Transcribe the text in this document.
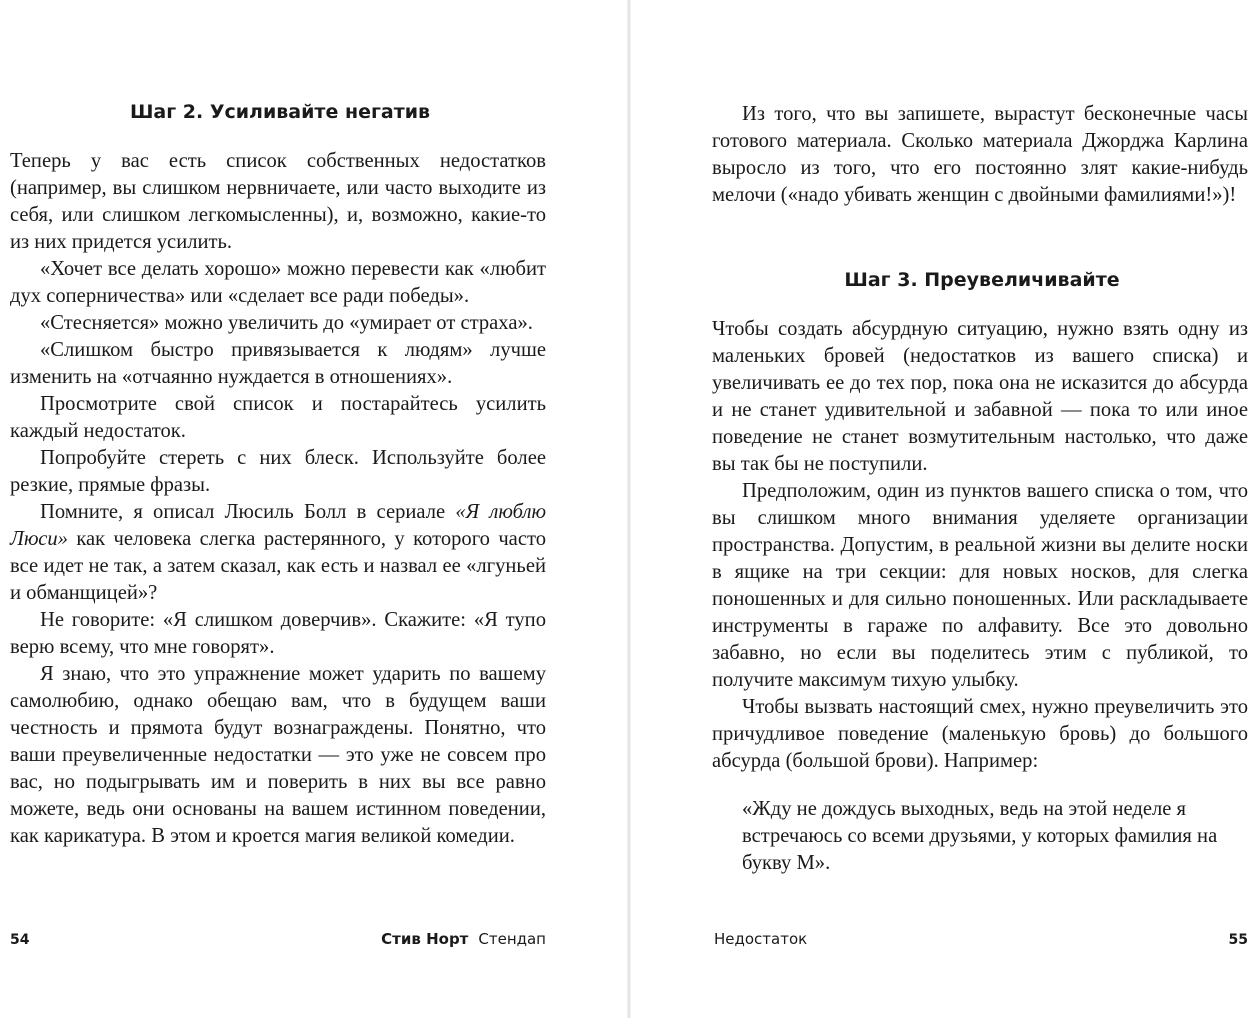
Шаг 2. Усиливайте негатив

Теперь у вас есть список собственных недостатков (например, вы слишком нервничаете, или часто выходите из себя, или слишком легкомысленны), и, возможно, какие-то из них придется усилить.

«Хочет все делать хорошо» можно перевести как «любит дух соперничества» или «сделает все ради победы».

«Стесняется» можно увеличить до «умирает от страха».

«Слишком быстро привязывается к людям» лучше изменить на «отчаянно нуждается в отношениях».

Просмотрите свой список и постарайтесь усилить каждый недостаток.

Попробуйте стереть с них блеск. Используйте более резкие, прямые фразы.

Помните, я описал Люсиль Болл в сериале «Я люблю Люси» как человека слегка растерянного, у которого часто все идет не так, а затем сказал, как есть и назвал ее «лгуньей и обманщицей»?

Не говорите: «Я слишком доверчив». Скажите: «Я тупо верю всему, что мне говорят».

Я знаю, что это упражнение может ударить по вашему самолюбию, однако обещаю вам, что в будущем ваши честность и прямота будут вознаграждены. Понятно, что ваши преувеличенные недостатки — это уже не совсем про вас, но подыгрывать им и поверить в них вы все равно можете, ведь они основаны на вашем истинном поведении, как карикатура. В этом и кроется магия великой комедии.

54	Стив Норт Стендап

Из того, что вы запишете, вырастут бесконечные часы готового материала. Сколько материала Джорджа Карлина выросло из того, что его постоянно злят какие-нибудь мелочи («надо убивать женщин с двойными фамилиями!»)!

Шаг 3. Преувеличивайте

Чтобы создать абсурдную ситуацию, нужно взять одну из маленьких бровей (недостатков из вашего списка) и увеличивать ее до тех пор, пока она не исказится до абсурда и не станет удивительной и забавной — пока то или иное поведение не станет возмутительным настолько, что даже вы так бы не поступили.

Предположим, один из пунктов вашего списка о том, что вы слишком много внимания уделяете организации пространства. Допустим, в реальной жизни вы делите носки в ящике на три секции: для новых носков, для слегка поношенных и для сильно поношенных. Или раскладываете инструменты в гараже по алфавиту. Все это довольно забавно, но если вы поделитесь этим с публикой, то получите максимум тихую улыбку.

Чтобы вызвать настоящий смех, нужно преувеличить это причудливое поведение (маленькую бровь) до большого абсурда (большой брови). Например:

«Жду не дождусь выходных, ведь на этой неделе я встречаюсь со всеми друзьями, у которых фамилия на букву М».

Недостаток	55
